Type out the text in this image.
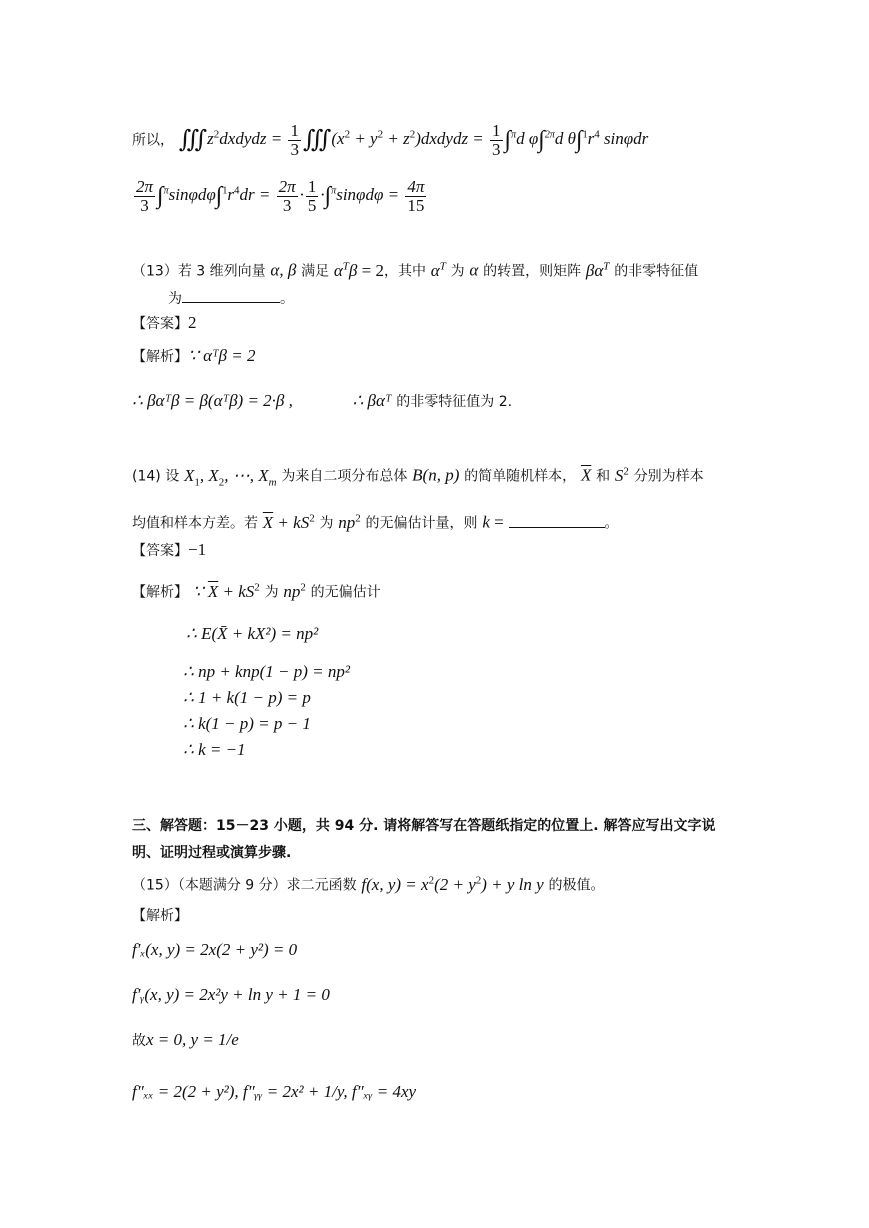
所以， $∭z^2dxdydz = \frac{1}{3}$ $∭(x^2 + y^2$ + $z^2)dxdydz = \frac{1}{3} \int^\pi d$ φ∫$^{2\pi}$d $\theta\int^1r^4$ sinφdr
$\frac{2\pi}{3} \int^\pi\sin\varphi d\varphi\int^1r^4dr = \frac{2\pi}{3} \cdot \frac{1}{5} \cdot\int^\pi\sin\varphi d\varphi = \frac{4\pi}{15}$
（13）若 3 维列向量 α, β 满足 $\alpha^T\beta = 2$，其中 $\alpha^T$ 为 α 的转置，则矩阵 $\beta\alpha^T$ 的非零特征值
为	。
【答案】2
【解析】∵ αᵀβ = 2
∴ βαᵀβ = β(αᵀβ) = 2·β ,	∴ βαᵀ 的非零特征值为 2.
(14) 设 $X_1$, $X_2$, ⋯, $X_m$ 为来自二项分布总体 B(n, p) 的简单随机样本， $\overline{X}$ 和 $S^2$ 分别为样本
均值和样本方差。若 $\overline{X} + kS^2$ 为 $np^2$ 的无偏估计量，则 k =	。
【答案】−1
【解析】 ∵ $\overline{X} + kS^2$ 为 $np^2$ 的无偏估计
∴ E(X̄ + kX²) = np²
∴ np + knp(1 − p) = np²
∴ 1 + k(1 − p) = p
∴ k(1 − p) = p − 1
∴ k = −1
三、解答题：15－23 小题，共 94 分. 请将解答写在答题纸指定的位置上. 解答应写出文字说
明、证明过程或演算步骤.
（15）（本题满分 9 分）求二元函数 f(x, $y) = x^2(2 + y^2) + y$ ln y 的极值。
【解析】
f′ₓ(x, y) = 2x(2 + y²) = 0
f′ᵧ(x, y) = 2x²y + ln y + 1 = 0
故x = 0, y = 1/e
f″ₓₓ = 2(2 + y²), f″ᵧᵧ = 2x² + 1/y, f″ₓᵧ = 4xy
